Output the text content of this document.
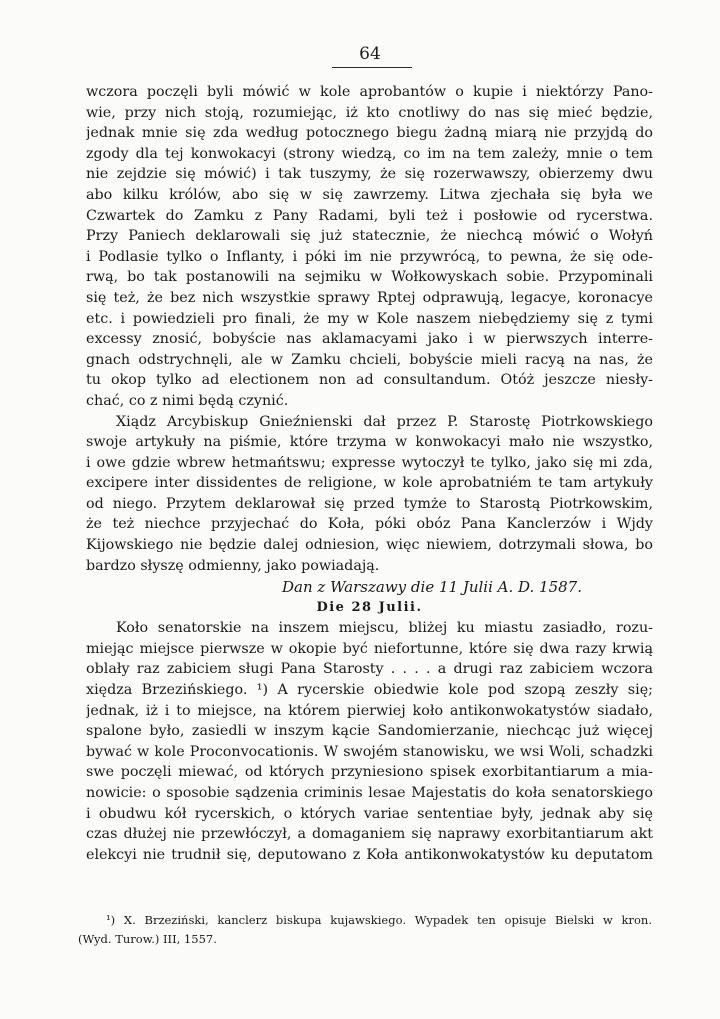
64
wczora poczęli byli mówić w kole aprobantów o kupie i niektórzy Pano-
wie, przy nich stoją, rozumiejąc, iż kto cnotliwy do nas się mieć będzie,
jednak mnie się zda według potocznego biegu żadną miarą nie przyjdą do
zgody dla tej konwokacyi (strony wiedzą, co im na tem zależy, mnie o tem
nie zejdzie się mówić) i tak tuszymy, że się rozerwawszy, obierzemy dwu
abo kilku królów, abo się w się zawrzemy. Litwa zjechała się była we
Czwartek do Zamku z Pany Radami, byli też i posłowie od rycerstwa.
Przy Paniech deklarowali się już statecznie, że niechcą mówić o Wołyń
i Podlasie tylko o Inflanty, i póki im nie przywrócą, to pewna, że się ode-
rwą, bo tak postanowili na sejmiku w Wołkowyskach sobie. Przypominali
się też, że bez nich wszystkie sprawy Rptej odprawują, legacye, koronacye
etc. i powiedzieli pro finali, że my w Kole naszem niebędziemy się z tymi
excessy znosić, bobyście nas aklamacyami jako i w pierwszych interre-
gnach odstrychnęli, ale w Zamku chcieli, bobyście mieli racyą na nas, że
tu okop tylko ad electionem non ad consultandum. Otóż jeszcze niesły-
chać, co z nimi będą czynić.
Xiądz Arcybiskup Gnieźnienski dał przez P. Starostę Piotrkowskiego
swoje artykuły na piśmie, które trzyma w konwokacyi mało nie wszystko,
i owe gdzie wbrew hetmańtswu; expresse wytoczył te tylko, jako się mi zda,
excipere inter dissidentes de religione, w kole aprobatniém te tam artykuły
od niego. Przytem deklarował się przed tymże to Starostą Piotrkowskim,
że też niechce przyjechać do Koła, póki obóz Pana Kanclerzów i Wjdy
Kijowskiego nie będzie dalej odniesion, więc niewiem, dotrzymali słowa, bo
bardzo słyszę odmienny, jako powiadają.
Dan z Warszawy die 11 Julii A. D. 1587.
Die 28 Julii.
Koło senatorskie na inszem miejscu, bliżej ku miastu zasiadło, rozu-
miejąc miejsce pierwsze w okopie być niefortunne, które się dwa razy krwią
oblały raz zabiciem sługi Pana Starosty . . . . a drugi raz zabiciem wczora
xiędza Brzezińskiego. ¹) A rycerskie obiedwie kole pod szopą zeszły się;
jednak, iż i to miejsce, na którem pierwiej koło antikonwokatystów siadało,
spalone było, zasiedli w inszym kącie Sandomierzanie, niechcąc już więcej
bywać w kole Proconvocationis. W swojém stanowisku, we wsi Woli, schadzki
swe poczęli miewać, od których przyniesiono spisek exorbitantiarum a mia-
nowicie: o sposobie sądzenia criminis lesae Majestatis do koła senatorskiego
i obudwu kół rycerskich, o których variae sententiae były, jednak aby się
czas dłużej nie przewłóczył, a domaganiem się naprawy exorbitantiarum akt
elekcyi nie trudnił się, deputowano z Koła antikonwokatystów ku deputatom
¹) X. Brzeziński, kanclerz biskupa kujawskiego. Wypadek ten opisuje Bielski w kron.
(Wyd. Turow.) III, 1557.
